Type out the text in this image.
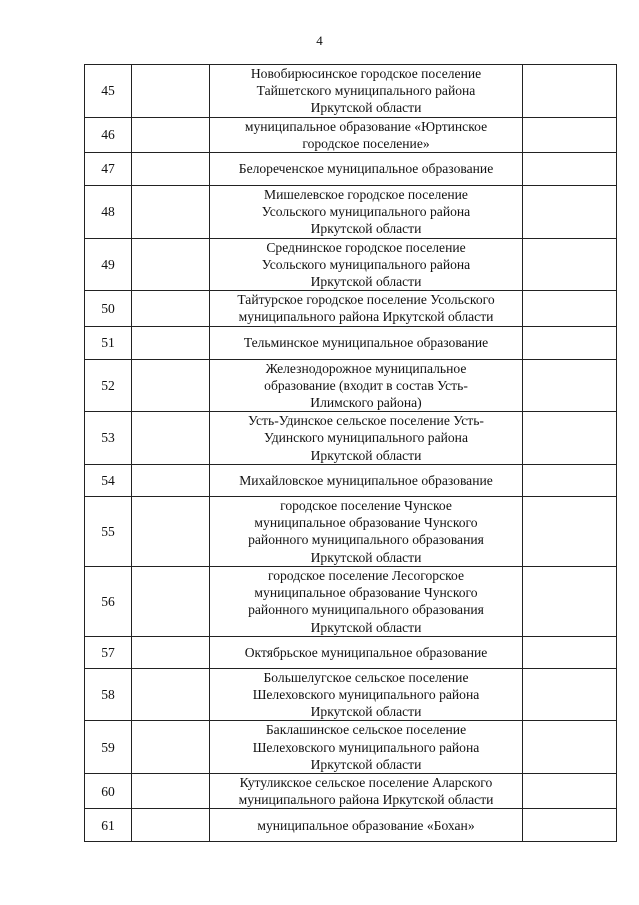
4
45		Новобирюсинское городское поселение
Тайшетского муниципального района
Иркутской области	

46		муниципальное образование «Юртинское
городское поселение»	

47		Белореченское муниципальное образование	

48		Мишелевское городское поселение
Усольского муниципального района
Иркутской области	

49		Среднинское городское поселение
Усольского муниципального района
Иркутской области	

50		Тайтурское городское поселение Усольского
муниципального района Иркутской области	

51		Тельминское муниципальное образование	

52		Железнодорожное муниципальное
образование (входит в состав Усть-
Илимского района)	

53		Усть-Удинское сельское поселение Усть-
Удинского муниципального района
Иркутской области	

54		Михайловское муниципальное образование	

55		городское поселение Чунское
муниципальное образование Чунского
районного муниципального образования
Иркутской области	

56		городское поселение Лесогорское
муниципальное образование Чунского
районного муниципального образования
Иркутской области	

57		Октябрьское муниципальное образование	

58		Большелугское сельское поселение
Шелеховского муниципального района
Иркутской области	

59		Баклашинское сельское поселение
Шелеховского муниципального района
Иркутской области	

60		Кутуликское сельское поселение Аларского
муниципального района Иркутской области	

61		муниципальное образование «Бохан»	
